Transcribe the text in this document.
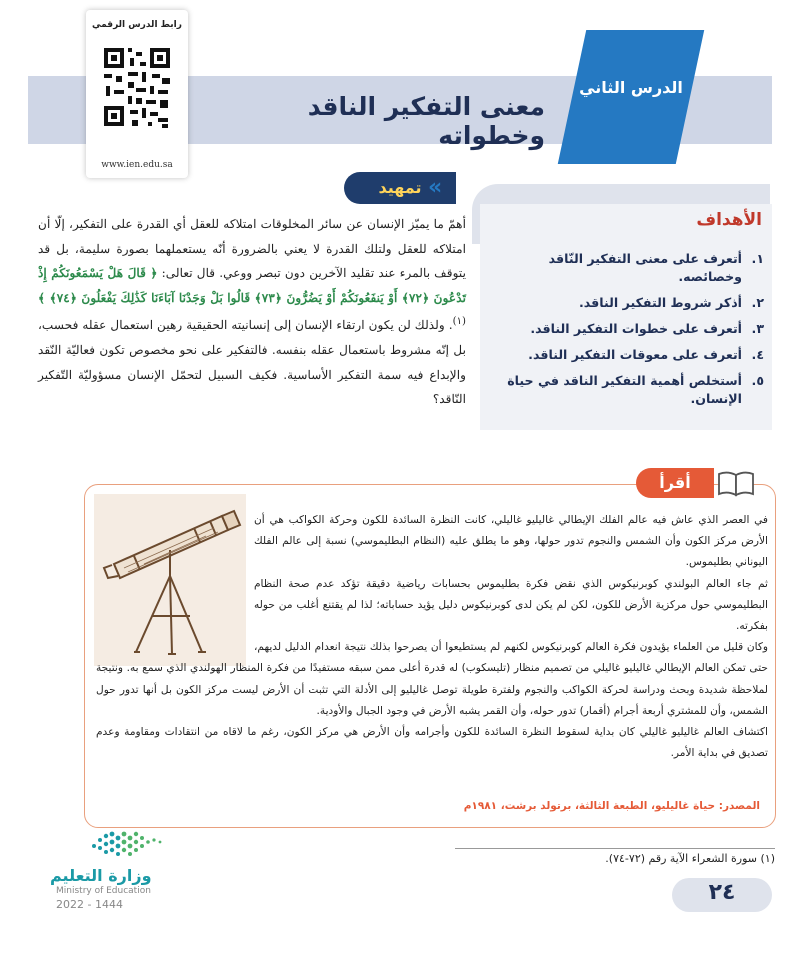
الدرس الثاني
معنى التفكير الناقد وخطواته
رابط الدرس الرقمي
www.ien.edu.sa
تمهيد «
أهمّ ما يميّز الإنسان عن سائر المخلوقات امتلاكه للعقل أي القدرة على التفكير، إلّا أن امتلاكه للعقل ولتلك القدرة لا يعني بالضرورة أنّه يستعملهما بصورة سليمة، بل قد يتوقف بالمرء عند تقليد الآخرين دون تبصر ووعي. قال تعالى: ﴿ قَالَ هَلْ يَسْمَعُونَكُمْ إِذْ تَدْعُونَ ﴿٧٢﴾ أَوْ يَنفَعُونَكُمْ أَوْ يَضُرُّونَ ﴿٧٣﴾ قَالُوا بَلْ وَجَدْنَا آبَاءَنَا كَذَٰلِكَ يَفْعَلُونَ ﴿٧٤﴾ ﴾$^{(١)}$. ولذلك لن يكون ارتقاء الإنسان إلى إنسانيته الحقيقية رهين استعمال عقله فحسب، بل إنّه مشروط باستعمال عقله بنفسه. فالتفكير على نحو مخصوص تكون فعاليّة النّقد والإبداع فيه سمة التفكير الأساسية. فكيف السبيل لتحمّل الإنسان مسؤوليّة التّفكير النّاقد؟
الأهداف
١.
أتعرف على معنى التفكير النّاقد وخصائصه.
٢.
أذكر شروط التفكير الناقد.
٣.
أتعرف على خطوات التفكير الناقد.
٤.
أتعرف على معوقات التفكير الناقد.
٥.
أستخلص أهمية التفكير الناقد في حياة الإنسان.
أقرأ

في العصر الذي عاش فيه عالم الفلك الإيطالي غاليليو غاليلي، كانت النظرة السائدة للكون وحركة الكواكب هي أن الأرض مركز الكون وأن الشمس والنجوم تدور حولها، وهو ما يطلق عليه (النظام البطليموسي) نسبة إلى عالم الفلك اليوناني بطليموس.

ثم جاء العالم البولندي كوبرنيكوس الذي نقض فكرة بطليموس بحسابات رياضية دقيقة تؤكد عدم صحة النظام البطليموسي حول مركزية الأرض للكون، لكن لم يكن لدى كوبرنيكوس دليل يؤيد حساباته؛ لذا لم يقتنع أغلب من حوله بفكرته.

وكان قليل من العلماء يؤيدون فكرة العالم كوبرنيكوس لكنهم لم يستطيعوا أن يصرحوا بذلك نتيجة انعدام الدليل لديهم، حتى تمكن العالم الإيطالي غاليليو غاليلي من تصميم منظار (تليسكوب) له قدرة أعلى ممن سبقه مستفيدًا من فكرة المنظار الهولندي الذي سمع به. ونتيجة لملاحظة شديدة وبحث ودراسة لحركة الكواكب والنجوم ولفترة طويلة توصل غاليليو إلى الأدلة التي تثبت أن الأرض ليست مركز الكون بل أنها تدور حول الشمس، وأن للمشتري أربعة أجرام (أقمار) تدور حوله، وأن القمر يشبه الأرض في وجود الجبال والأودية.

اكتشاف العالم غاليليو غاليلي كان بداية لسقوط النظرة السائدة للكون وأجرامه وأن الأرض هي مركز الكون، رغم ما لاقاه من انتقادات ومقاومة وعدم تصديق في بداية الأمر.

المصدر: حياة غاليليو، الطبعة الثالثة، برتولد برشت، ١٩٨١م
(١) سورة الشعراء الآية رقم (٧٢-٧٤).
٢٤
وزارة التعليم
Ministry of Education
2022 - 1444
